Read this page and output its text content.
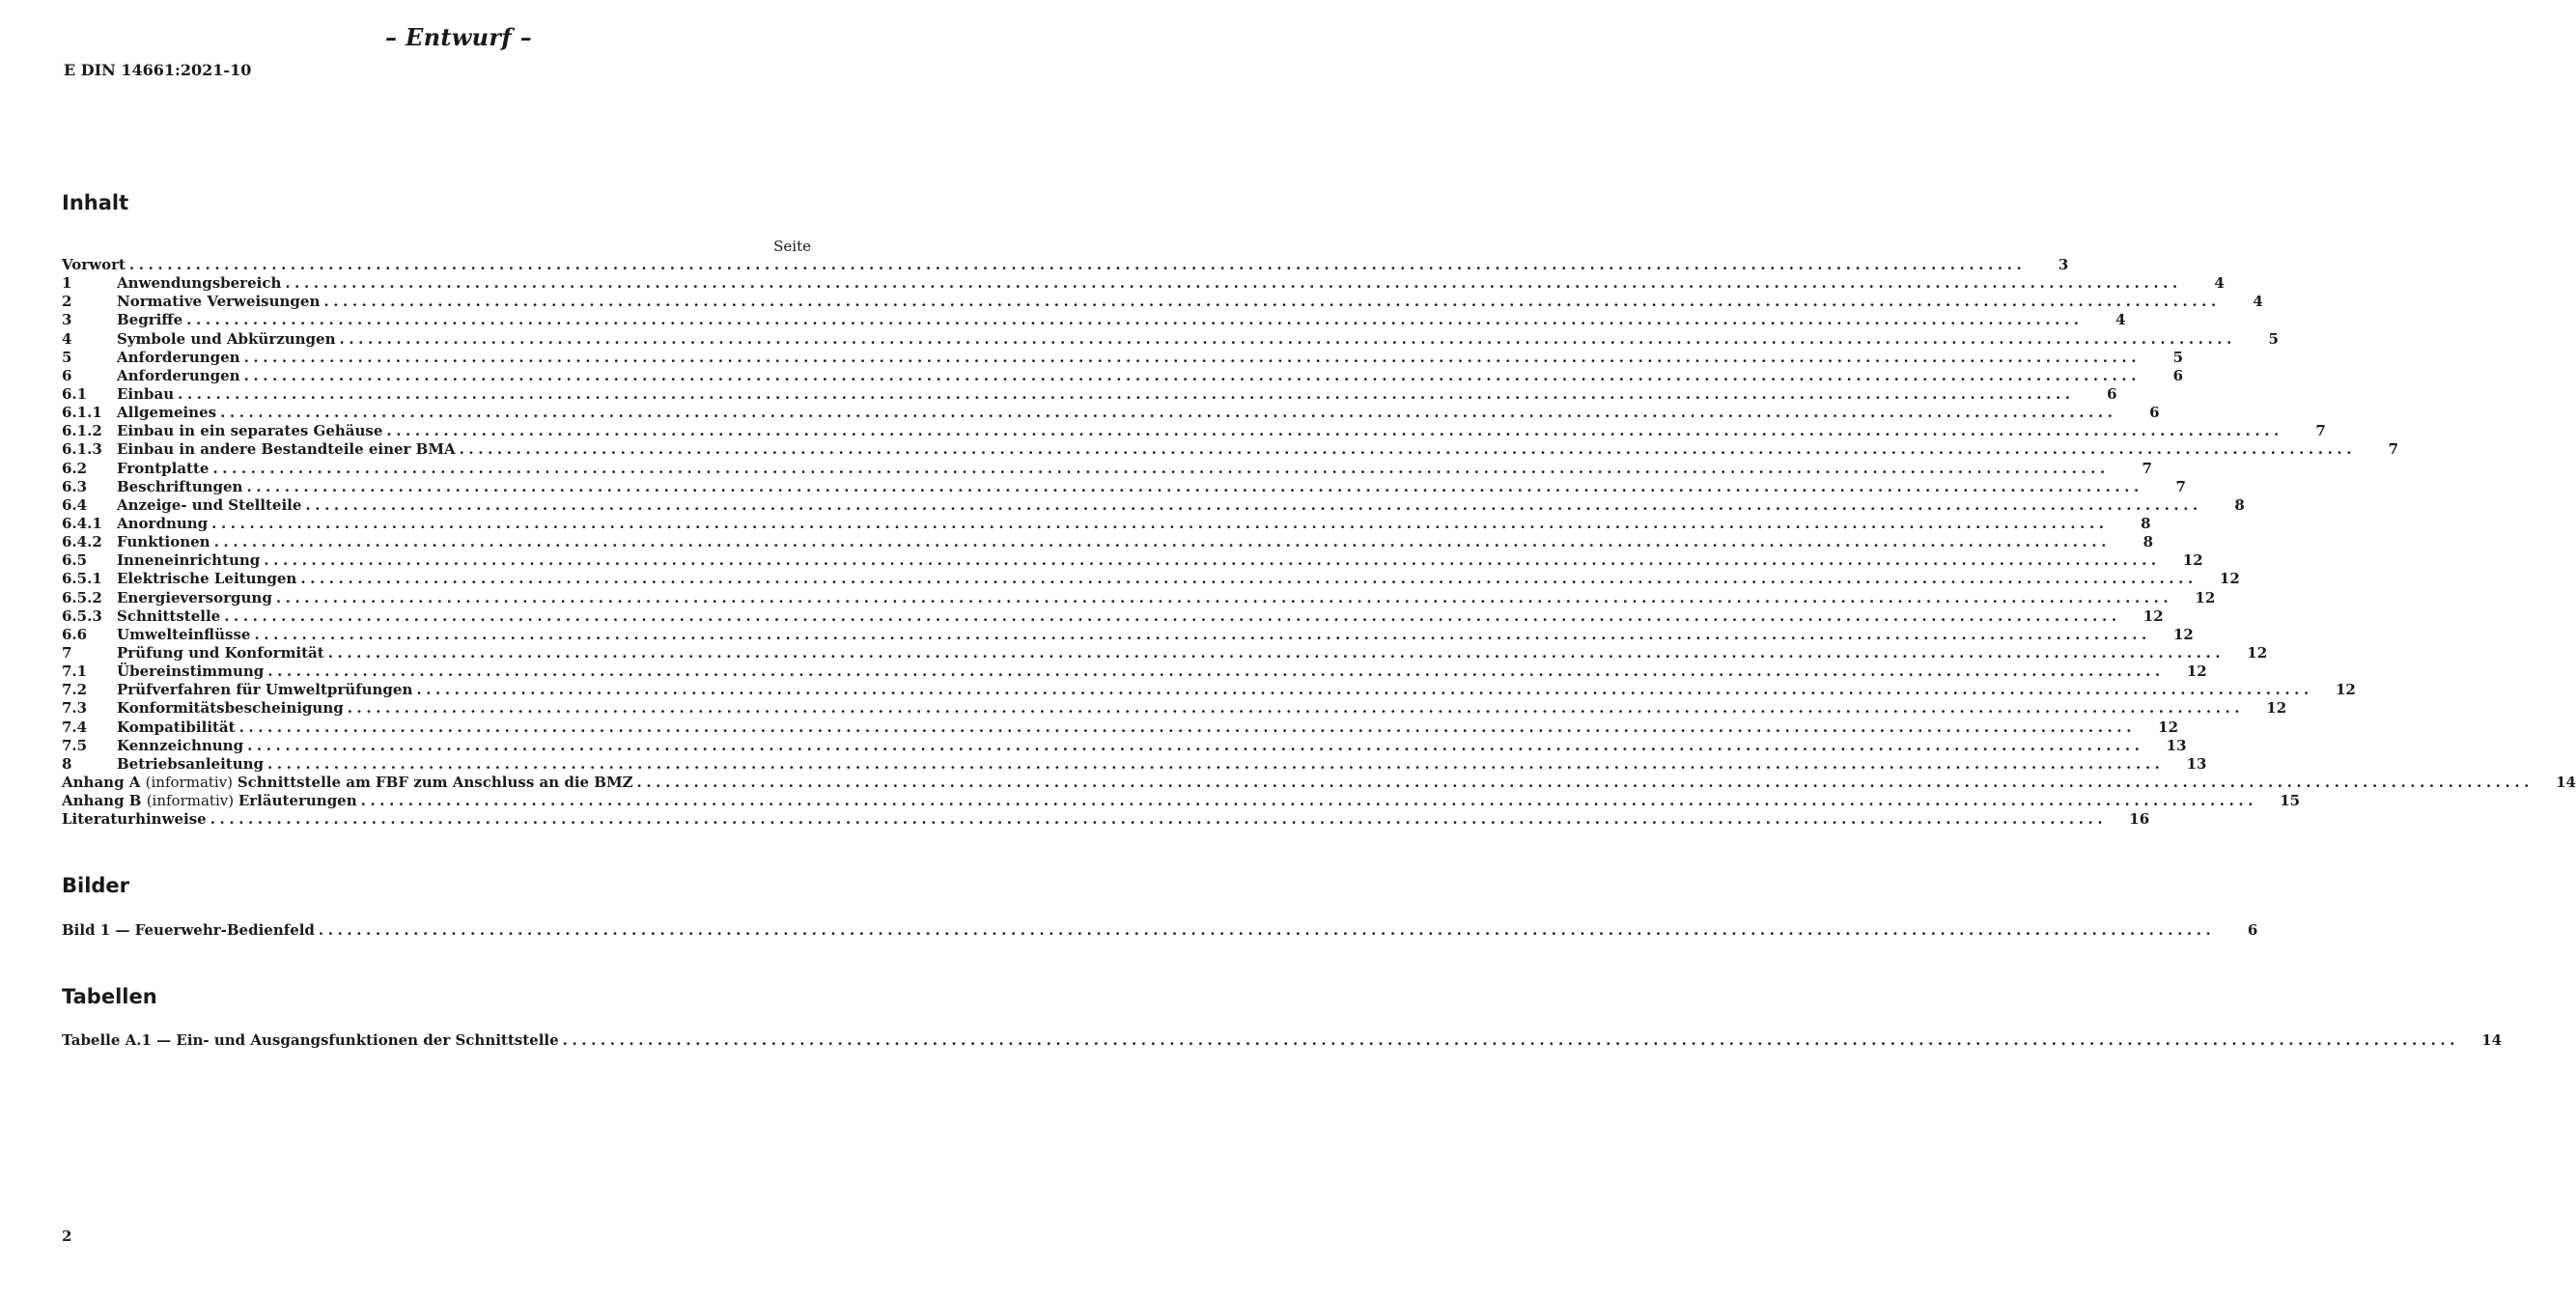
– Entwurf –
E DIN 14661:2021-10
Inhalt
Seite
Vorwort ........................................................................................................................................................................................................	3
1	Anwendungsbereich ........................................................................................................................................................................................................	4
2	Normative Verweisungen ........................................................................................................................................................................................................	4
3	Begriffe ........................................................................................................................................................................................................	4
4	Symbole und Abkürzungen ........................................................................................................................................................................................................	5
5	Anforderungen ........................................................................................................................................................................................................	5
6	Anforderungen ........................................................................................................................................................................................................	6
6.1	Einbau ........................................................................................................................................................................................................	6
6.1.1	Allgemeines ........................................................................................................................................................................................................	6
6.1.2	Einbau in ein separates Gehäuse ........................................................................................................................................................................................................	7
6.1.3	Einbau in andere Bestandteile einer BMA ........................................................................................................................................................................................................	7
6.2	Frontplatte ........................................................................................................................................................................................................	7
6.3	Beschriftungen ........................................................................................................................................................................................................	7
6.4	Anzeige- und Stellteile ........................................................................................................................................................................................................	8
6.4.1	Anordnung ........................................................................................................................................................................................................	8
6.4.2	Funktionen ........................................................................................................................................................................................................	8
6.5	Inneneinrichtung ........................................................................................................................................................................................................	12
6.5.1	Elektrische Leitungen ........................................................................................................................................................................................................	12
6.5.2	Energieversorgung ........................................................................................................................................................................................................	12
6.5.3	Schnittstelle ........................................................................................................................................................................................................	12
6.6	Umwelteinflüsse ........................................................................................................................................................................................................	12
7	Prüfung und Konformität ........................................................................................................................................................................................................	12
7.1	Übereinstimmung ........................................................................................................................................................................................................	12
7.2	Prüfverfahren für Umweltprüfungen ........................................................................................................................................................................................................	12
7.3	Konformitätsbescheinigung ........................................................................................................................................................................................................	12
7.4	Kompatibilität ........................................................................................................................................................................................................	12
7.5	Kennzeichnung ........................................................................................................................................................................................................	13
8	Betriebsanleitung ........................................................................................................................................................................................................	13
Anhang A (informativ) Schnittstelle am FBF zum Anschluss an die BMZ ........................................................................................................................................................................................................	14
Anhang B (informativ) Erläuterungen ........................................................................................................................................................................................................	15
Literaturhinweise ........................................................................................................................................................................................................	16
Bilder
Bild 1 — Feuerwehr-Bedienfeld ........................................................................................................................................................................................................	6
Tabellen
Tabelle A.1 — Ein- und Ausgangsfunktionen der Schnittstelle ........................................................................................................................................................................................................	14
2
